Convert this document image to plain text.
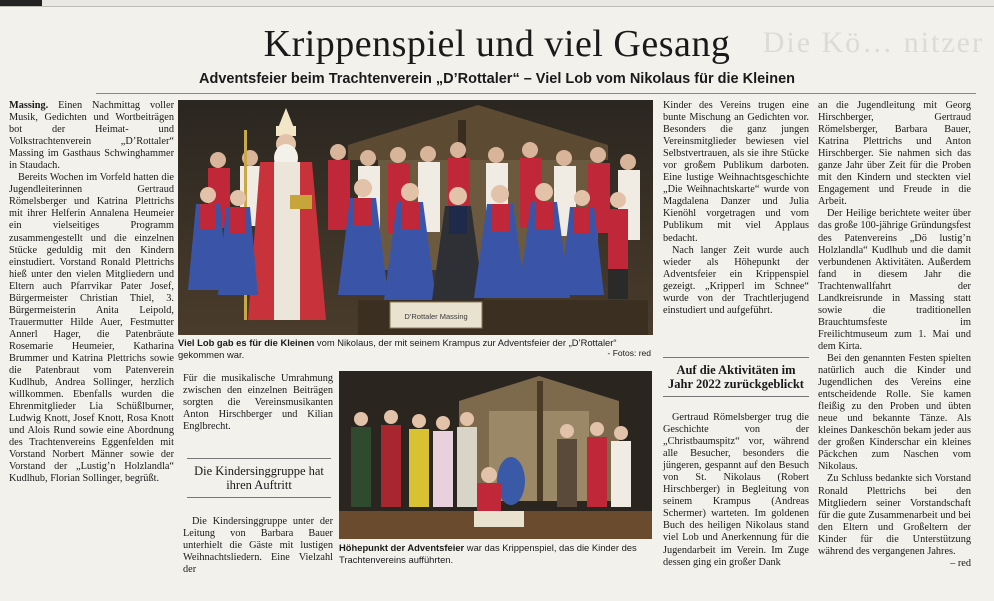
Die Kö… nitzer
Krippenspiel und viel Gesang
Adventsfeier beim Trachtenverein „D’Rottaler“ – Viel Lob vom Nikolaus für die Kleinen

Massing. Einen Nachmittag voller Musik, Gedichten und Wortbeiträgen bot der Heimat- und Volkstrachtenverein „D’Rottaler“ Massing im Gasthaus Schwinghammer in Staudach.

Bereits Wochen im Vorfeld hatten die Jugendleiterinnen Gertraud Römelsberger und Katrina Plettrichs mit ihrer Helferin Annalena Heumeier ein vielseitiges Programm zusammengestellt und die einzelnen Stücke geduldig mit den Kindern einstudiert. Vorstand Ronald Plettrichs hieß unter den vielen Mitgliedern und Eltern auch Pfarrvikar Pater Josef, Bürgermeister Christian Thiel, 3. Bürgermeisterin Anita Leipold, Trauermutter Hilde Auer, Festmutter Annerl Hager, die Patenbräute Rosemarie Heumeier, Katharina Brummer und Katrina Plettrichs sowie die Patenbraut vom Patenverein Kudlhub, Andrea Sollinger, herzlich willkommen. Ebenfalls wurden die Ehrenmitglieder Lia Schüßlburner, Ludwig Knott, Josef Knott, Rosa Knott und Alois Rund sowie eine Abordnung des Trachtenvereins Eggenfelden mit Vorstand Norbert Männer sowie der Vorstand der „Lustig’n Holzlandla“ Kudlhub, Florian Sollinger, begrüßt.

D’Rottaler Massing
Viel Lob gab es für die Kleinen vom Nikolaus, der mit seinem Krampus zur Adventsfeier der „D’Rottaler“ gekommen war.	- Fotos: red

Für die musikalische Umrahmung zwischen den einzelnen Beiträgen sorgten die Vereinsmusikanten Anton Hirschberger und Kilian Englbrecht.

Die Kindersinggruppe hat ihren Auftritt

Die Kindersinggruppe unter der Leitung von Barbara Bauer unterhielt die Gäste mit lustigen Weihnachtsliedern. Eine Vielzahl der

Höhepunkt der Adventsfeier war das Krippenspiel, das die Kinder des Trachtenvereins aufführten.

Kinder des Vereins trugen eine bunte Mischung an Gedichten vor. Besonders die ganz jungen Vereinsmitglieder bewiesen viel Selbstvertrauen, als sie ihre Stücke vor großem Publikum darboten. Eine lustige Weihnachtsgeschichte „Die Weihnachtskarte“ wurde von Magdalena Danzer und Julia Kienöhl vorgetragen und vom Publikum mit viel Applaus bedacht.

Nach langer Zeit wurde auch wieder als Höhepunkt der Adventsfeier ein Krippenspiel gezeigt. „Kripperl im Schnee“ wurde von der Trachtlerjugend einstudiert und aufgeführt.

Auf die Aktivitäten im Jahr 2022 zurückgeblickt

Gertraud Römelsberger trug die Geschichte von der „Christbaumspitz“ vor, während alle Besucher, besonders die jüngeren, gespannt auf den Besuch von St. Nikolaus (Robert Hirschberger) in Begleitung von seinem Krampus (Andreas Schermer) warteten. Im goldenen Buch des heiligen Nikolaus stand viel Lob und Anerkennung für die Jugendarbeit im Verein. Im Zuge dessen ging ein großer Dank

an die Jugendleitung mit Georg Hirschberger, Gertraud Römelsberger, Barbara Bauer, Katrina Plettrichs und Anton Hirschberger. Sie nahmen sich das ganze Jahr über Zeit für die Proben mit den Kindern und steckten viel Engagement und Freude in die Arbeit.

Der Heilige berichtete weiter über das große 100-jährige Gründungsfest des Patenvereins „Dö lustig’n Holzlandla“ Kudlhub und die damit verbundenen Aktivitäten. Außerdem fand in diesem Jahr die Trachtenwallfahrt der Landkreisrunde in Massing statt sowie die traditionellen Brauchtumsfeste im Freilichtmuseum zum 1. Mai und dem Kirta.

Bei den genannten Festen spielten natürlich auch die Kinder und Jugendlichen des Vereins eine entscheidende Rolle. Sie kamen fleißig zu den Proben und übten neue und bekannte Tänze. Als kleines Dankeschön bekam jeder aus der großen Kinderschar ein kleines Päckchen zum Naschen vom Nikolaus.

Zu Schluss bedankte sich Vorstand Ronald Plettrichs bei den Mitgliedern seiner Vorstandschaft für die gute Zusammenarbeit und bei den Eltern und Großeltern der Kinder für die Unterstützung während des vergangenen Jahres.
– red
